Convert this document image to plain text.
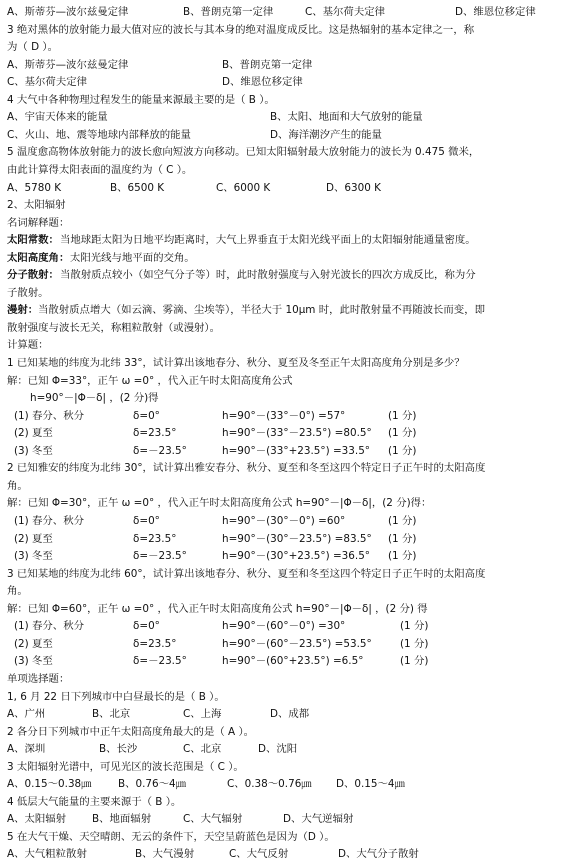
A、斯蒂芬—波尔兹曼定律	B、普朗克第一定律	C、基尔荷夫定律	D、维恩位移定律
3 绝对黑体的放射能力最大值对应的波长与其本身的绝对温度成反比。这是热辐射的基本定律之一，称
为（ D ）。
A、斯蒂芬—波尔兹曼定律	B、普朗克第一定律
C、基尔荷夫定律	D、维恩位移定律
4 大气中各种物理过程发生的能量来源最主要的是（ B ）。
A、宇宙天体来的能量	B、太阳、地面和大气放射的能量
C、火山、地、震等地球内部释放的能量	D、海洋潮汐产生的能量
5 温度愈高物体放射能力的波长愈向短波方向移动。已知太阳辐射最大放射能力的波长为 0.475 微米，
由此计算得太阳表面的温度约为（ C ）。
A、5780 K	B、6500 K	C、6000 K	D、6300 K
2、太阳辐射
名词解释题：
太阳常数： 当地球距太阳为日地平均距离时，大气上界垂直于太阳光线平面上的太阳辐射能通量密度。
太阳高度角： 太阳光线与地平面的交角。
分子散射： 当散射质点较小（如空气分子等）时，此时散射强度与入射光波长的四次方成反比，称为分
子散射。
漫射： 当散射质点增大（如云滴、雾滴、尘埃等），半径大于 10μm 时，此时散射量不再随波长而变，即
散射强度与波长无关，称粗粒散射（或漫射）。
计算题：
1 已知某地的纬度为北纬 33°，试计算出该地春分、秋分、夏至及冬至正午太阳高度角分别是多少？
解：已知 Φ=33°，正午 ω =0° ，代入正午时太阳高度角公式
h=90°－|Φ－δ| ，(2 分)得
(1) 春分、秋分	δ=0°	h=90°－(33°－0°) =57°	(1 分)
(2) 夏至	δ=23.5°	h=90°－(33°－23.5°) =80.5° (1 分)
(3) 冬至	δ=－23.5°	h=90°－(33°+23.5°) =33.5° (1 分)
2 已知雅安的纬度为北纬 30°，试计算出雅安春分、秋分、夏至和冬至这四个特定日子正午时的太阳高度
角。
解：已知 Φ=30°，正午 ω =0° ，代入正午时太阳高度角公式 h=90°－|Φ－δ|，(2 分)得：
(1) 春分、秋分	δ=0°	h=90°－(30°－0°) =60°	(1 分)
(2) 夏至	δ=23.5°	h=90°－(30°－23.5°) =83.5° (1 分)
(3) 冬至	δ=－23.5°	h=90°－(30°+23.5°) =36.5° (1 分)
3 已知某地的纬度为北纬 60°，试计算出该地春分、秋分、夏至和冬至这四个特定日子正午时的太阳高度
角。
解：已知 Φ=60°，正午 ω =0° ，代入正午时太阳高度角公式 h=90°－|Φ－δ| ，(2 分) 得
(1) 春分、秋分	δ=0°	h=90°－(60°－0°) =30°	(1 分)
(2) 夏至	δ=23.5°	h=90°－(60°－23.5°) =53.5°	(1 分)
(3) 冬至	δ=－23.5°	h=90°－(60°+23.5°) =6.5°	(1 分)
单项选择题：
1, 6 月 22 日下列城市中白昼最长的是（ B ）。
A、广州	B、北京	C、上海	D、成都
2 各分日下列城市中正午太阳高度角最大的是（ A ）。
A、深圳	B、长沙	C、北京	D、沈阳
3 太阳辐射光谱中，可见光区的波长范围是（ C ）。
A、0.15～0.38㎛	B、0.76～4㎛	C、0.38～0.76㎛ D、0.15～4㎛
4 低层大气能量的主要来源于（ B ）。
A、太阳辐射 B、地面辐射	C、大气辐射	D、大气逆辐射
5 在大气干燥、天空晴朗、无云的条件下，天空呈蔚蓝色是因为（D ）。
A、大气粗粒散射	B、大气漫射	C、大气反射	D、大气分子散射
